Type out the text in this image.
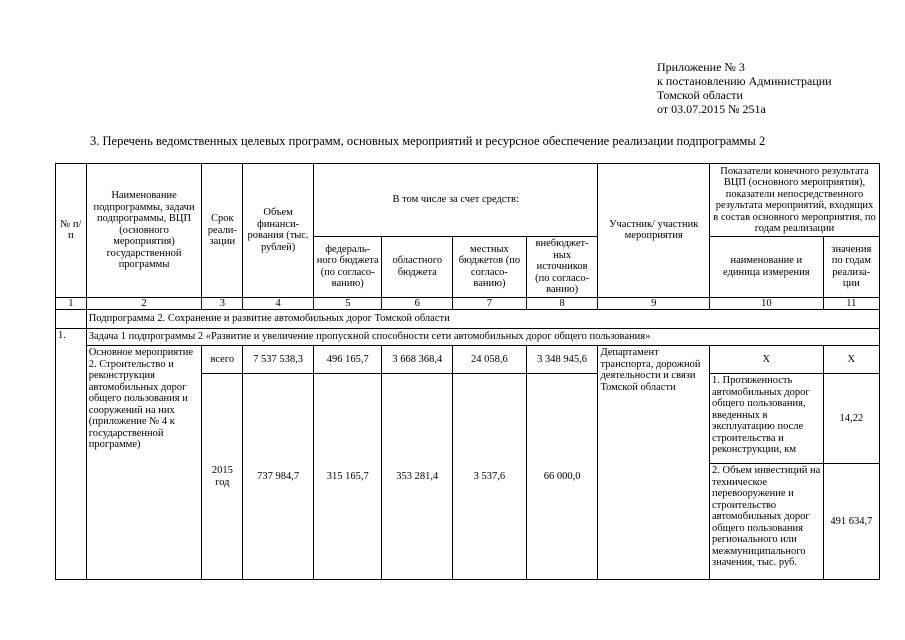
Приложение № 3
к постановлению Администрации
Томской области
от 03.07.2015 № 251а
3. Перечень ведомственных целевых программ, основных мероприятий и ресурсное обеспечение реализации подпрограммы 2
№ п/п	Наименование подпрограммы, задачи подпрограммы, ВЦП (основного мероприятия) государственной программы	Срок реали-зации	Объем финанси-рования (тыс. рублей)	В том числе за счет средств:				Участник/ участник мероприятия	Показатели конечного результата ВЦП (основного мероприятия), показатели непосредственного результата мероприятий, входящих в состав основного мероприятия, по годам реализации	
				федераль-ного бюджета (по согласо-ванию)	областного бюджета	местных бюджетов (по согласо-ванию)	внебюджет-ных источников (по согласо-ванию)		наименование и единица измерения	значения по годам реализа-ции
1	2	3	4	5	6	7	8	9	10	11
	Подпрограмма 2. Сохранение и развитие автомобильных дорог Томской области									
1.	Задача 1 подпрограммы 2 «Развитие и увеличение пропускной способности сети автомобильных дорог общего пользования»									
	Основное мероприятие 2. Строительство и реконструкция автомобильных дорог общего пользования и сооружений на них (приложение № 4 к государственной программе)	всего	7 537 538,3	496 165,7	3 668 368,4	24 058,6	3 348 945,6	Департамент транспорта, дорожной деятельности и связи Томской области	Х	Х
		2015 год	737 984,7	315 165,7	353 281,4	3 537,6	66 000,0		1. Протяженность автомобильных дорог общего пользования, введенных в эксплуатацию после строительства и реконструкции, км	14,22
									2. Объем инвестиций на техническое перевооружение и строительство автомобильных дорог общего пользования регионального или межмуниципального значения, тыс. руб.	491 634,7
